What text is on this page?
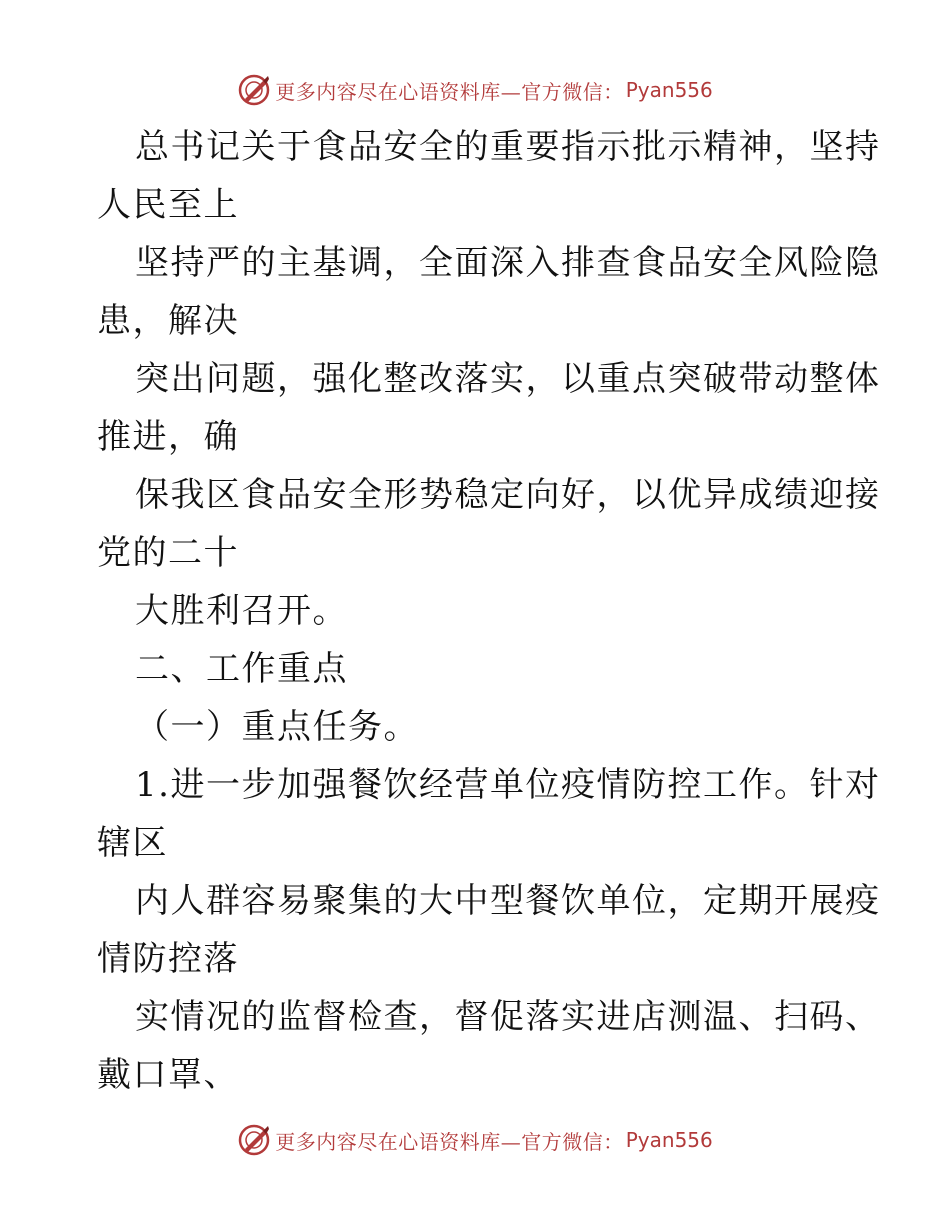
更多内容尽在心语资料库—官方微信： Pyan556
总书记关于食品安全的重要指示批示精神，坚持
人民至上
坚持严的主基调，全面深入排查食品安全风险隐
患，解决
突出问题，强化整改落实，以重点突破带动整体
推进，确
保我区食品安全形势稳定向好，以优异成绩迎接
党的二十
大胜利召开。
二、工作重点
（一）重点任务。
1.进一步加强餐饮经营单位疫情防控工作。针对
辖区
内人群容易聚集的大中型餐饮单位，定期开展疫
情防控落
实情况的监督检查，督促落实进店测温、扫码、
戴口罩、
更多内容尽在心语资料库—官方微信： Pyan556
